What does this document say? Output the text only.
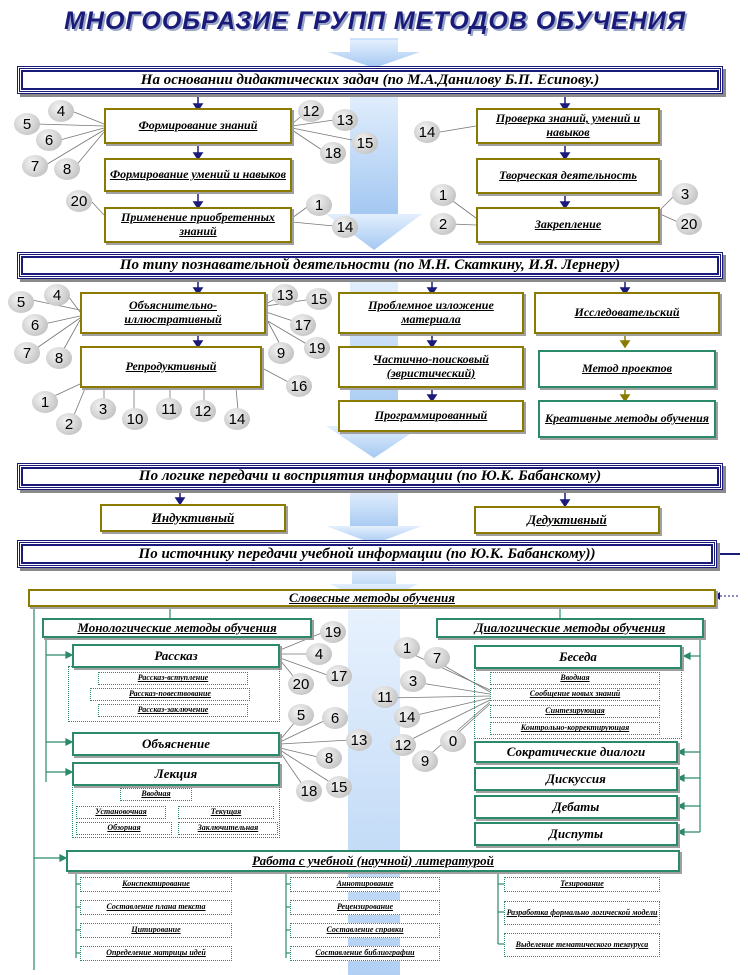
МНОГООБРАЗИЕ ГРУПП МЕТОДОВ ОБУЧЕНИЯ
На основании дидактических задач (по М.А.Данилову Б.П. Есипову.)
Формирование знаний
Формирование умений и навыков
Применение приобретенных знаний
Проверка знаний, умений и навыков
Творческая деятельность
Закрепление
4
5
6
7	8
12
13
15
18
20	1
14
14
1
2
3
20
По типу познавательной деятельности (по М.Н. Скаткину, И.Я. Лернеру)
Объяснительно-иллюстративный
Репродуктивный
Проблемное изложение материала
Частично-поисковый (эвристический)
Программированный
Исследовательский
Метод проектов
Креативные методы обучения
5	4
6
7	8
13	15
17
9	19
16
1
2
3
10
11	12	14
По логике передачи и восприятия информации (по Ю.К. Бабанскому)
Индуктивный	Дедуктивный
По источнику передачи учебной информации (по Ю.К. Бабанскому))
Словесные методы обучения
Монологические методы обучения	Диалогические методы обучения
Рассказ
Рассказ-вступление
Рассказ-повествование
Рассказ-заключение
Объяснение
Лекция
Вводная
Установочная	Текущая
Обзорная	Заключительная
Беседа
Вводная
Сообщение новых знаний
Синтезирующая
Контрольно-корректирующая
Сократические диалоги
Дискуссия
Дебаты
Диспуты
19
4
17
20
5	6
13
8
18 15
1
7
3
11
14
12
9
0
Работа с учебной (научной) литературой
Конспектирование
Составление плана текста
Цитирование
Определение матрицы идей
Аннотирование
Рецензирование
Составление справки
Составление библиографии
Тезирование
Разработка формально логической модели
Выделение тематического тезауруса
